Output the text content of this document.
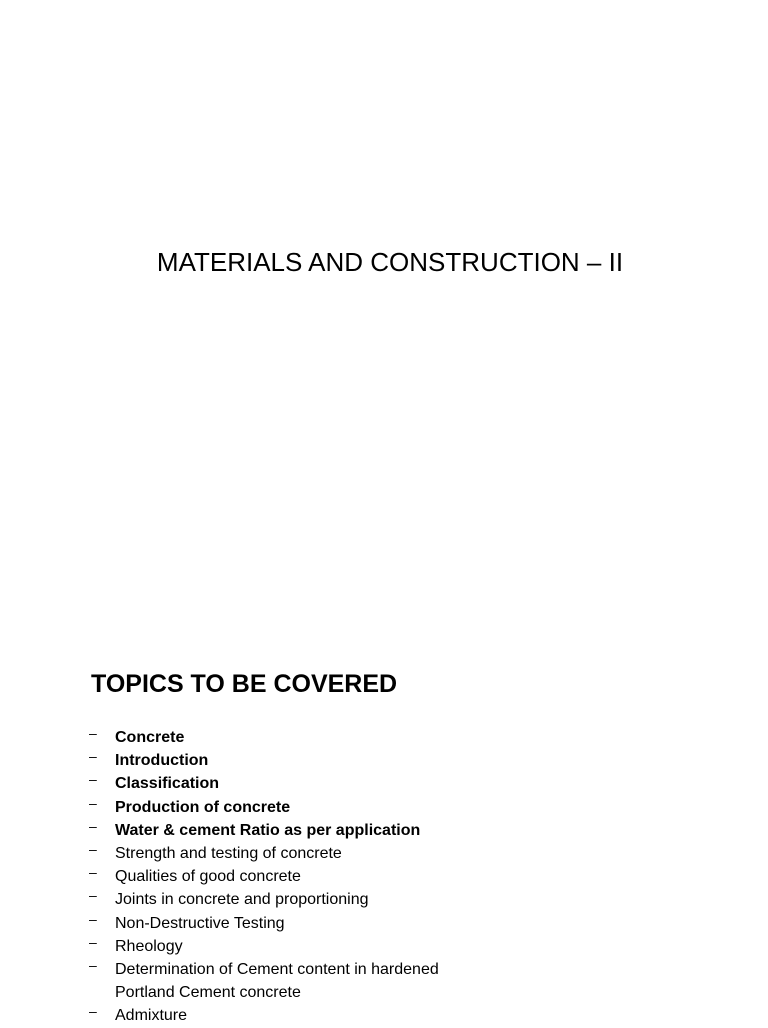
MATERIALS AND CONSTRUCTION – II
TOPICS TO BE COVERED
–	Concrete
–	Introduction
–	Classification
–	Production of concrete
–	Water & cement Ratio as per application
–	Strength and testing of concrete
–	Qualities of good concrete
–	Joints in concrete and proportioning
–	Non-Destructive Testing
–	Rheology
–	Determination of Cement content in hardened Portland Cement concrete
–	Admixture
